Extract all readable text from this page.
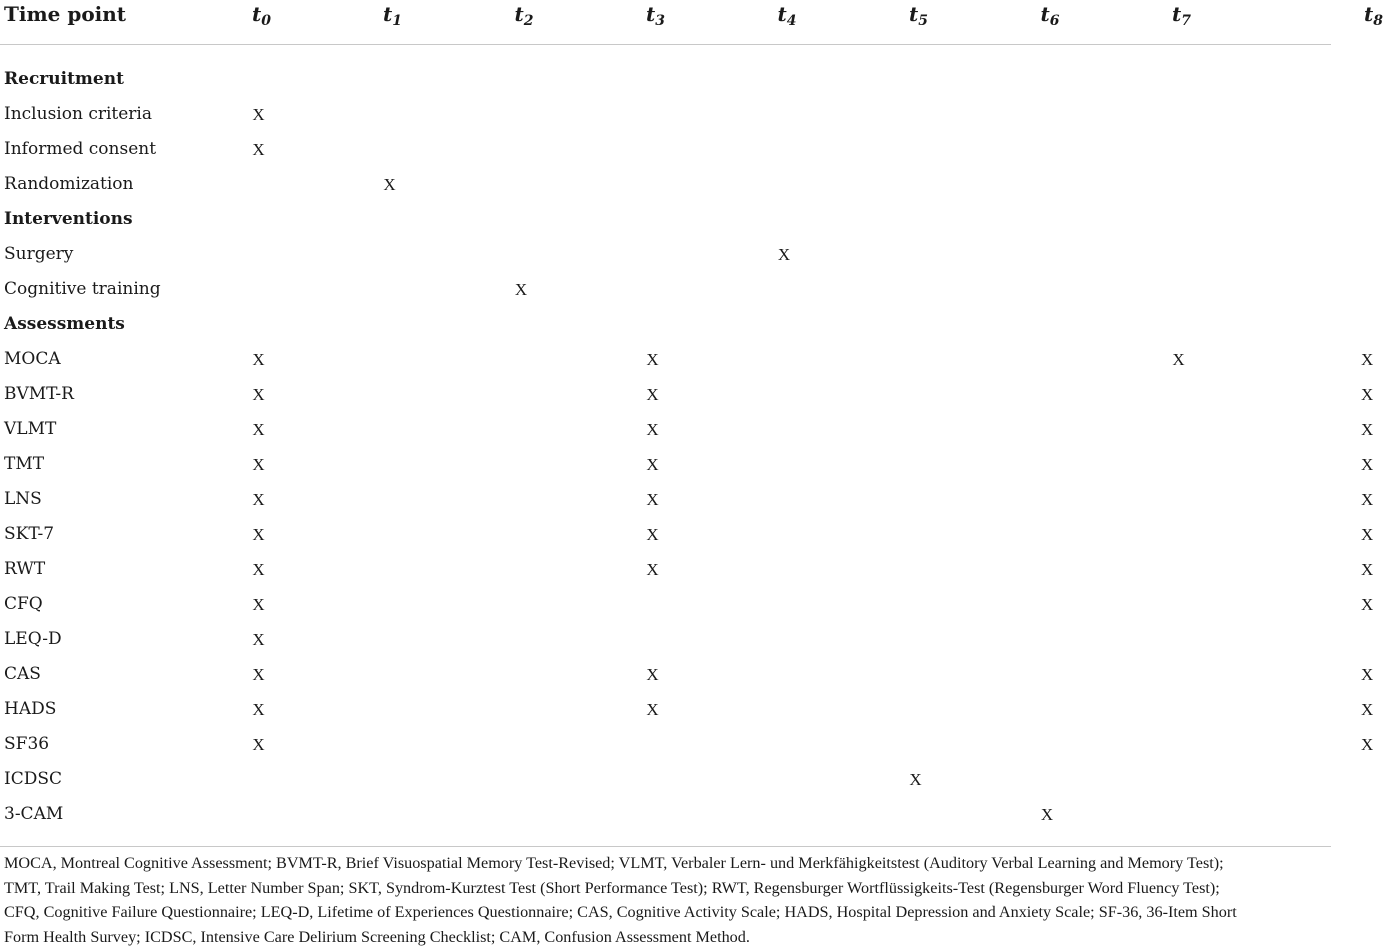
Time point	$t_0$	$t_1$	$t_2$	$t_3$	$t_4$	$t_5$	$t_6$	$t_7$	$t_8$

Recruitment									
Inclusion criteria	X								
Informed consent	X								
Randomization		X							
Interventions									
Surgery					X				
Cognitive training			X						
Assessments									
MOCA	X			X				X	X
BVMT-R	X			X					X
VLMT	X			X					X
TMT	X			X					X
LNS	X			X					X
SKT-7	X			X					X
RWT	X			X					X
CFQ	X								X
LEQ-D	X								
CAS	X			X					X
HADS	X			X					X
SF36	X								X
ICDSC						X			
3-CAM							X		

MOCA, Montreal Cognitive Assessment; BVMT-R, Brief Visuospatial Memory Test-Revised; VLMT, Verbaler Lern- und Merkfähigkeitstest (Auditory Verbal Learning and Memory Test);
TMT, Trail Making Test; LNS, Letter Number Span; SKT, Syndrom-Kurztest Test (Short Performance Test); RWT, Regensburger Wortflüssigkeits-Test (Regensburger Word Fluency Test);
CFQ, Cognitive Failure Questionnaire; LEQ-D, Lifetime of Experiences Questionnaire; CAS, Cognitive Activity Scale; HADS, Hospital Depression and Anxiety Scale; SF-36, 36-Item Short
Form Health Survey; ICDSC, Intensive Care Delirium Screening Checklist; CAM, Confusion Assessment Method.
